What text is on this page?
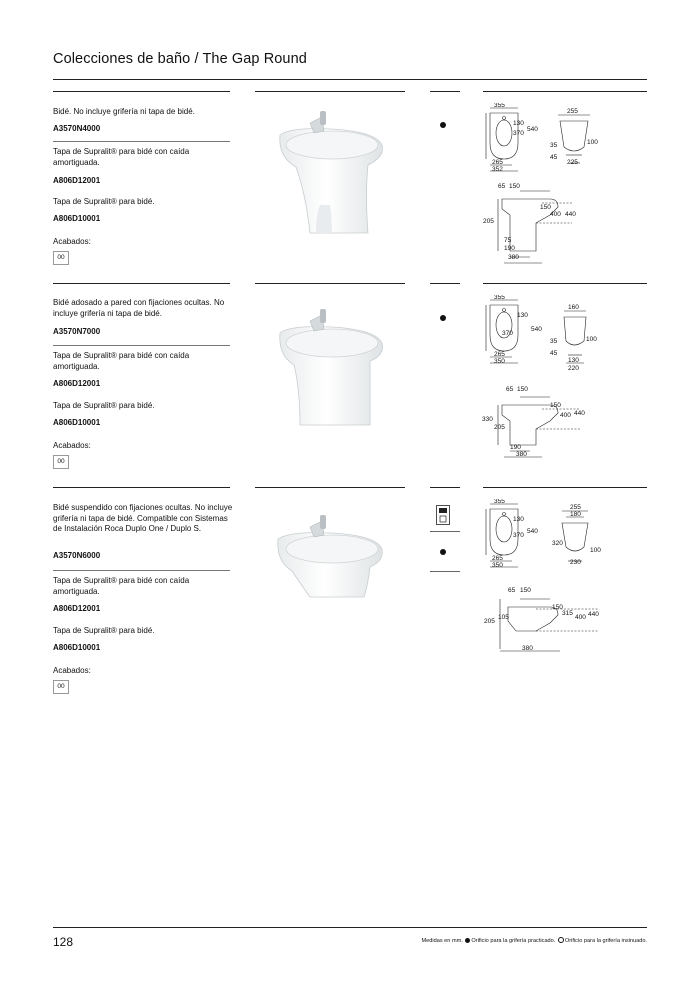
Colecciones de baño / The Gap Round
Bidé. No incluye grifería ni tapa de bidé.
A3570N4000
Tapa de Supralit® para bidé con caída amortiguada.
A806D12001
Tapa de Supralit® para bidé.
A806D10001
Acabados:
00
355
130
370
540
265
352
255
35	100
45
225
65 150
150
400 440
205
75
190
380
Bidé adosado a pared con fijaciones ocultas. No incluye grifería ni tapa de bidé.
A3570N7000
Tapa de Supralit® para bidé con caída amortiguada.
A806D12001
Tapa de Supralit® para bidé.
A806D10001
Acabados:
00
355
130
370
540
265
350
160
35	100
45
130
220
65 150
150
400 440
330
205
190
380
Bidé suspendido con fijaciones ocultas. No incluye grifería ni tapa de bidé. Compatible con Sistemas de Instalación Roca Duplo One / Duplo S.
A3570N6000
Tapa de Supralit® para bidé con caída amortiguada.
A806D12001
Tapa de Supralit® para bidé.
A806D10001
Acabados:
00
355
130
370
540
265
350
255
180
320
100
230
65 150
150
315
400 440
205
105
380
128	Medidas en mm. Orificio para la grifería practicado. Orificio para la grifería insinuado.
